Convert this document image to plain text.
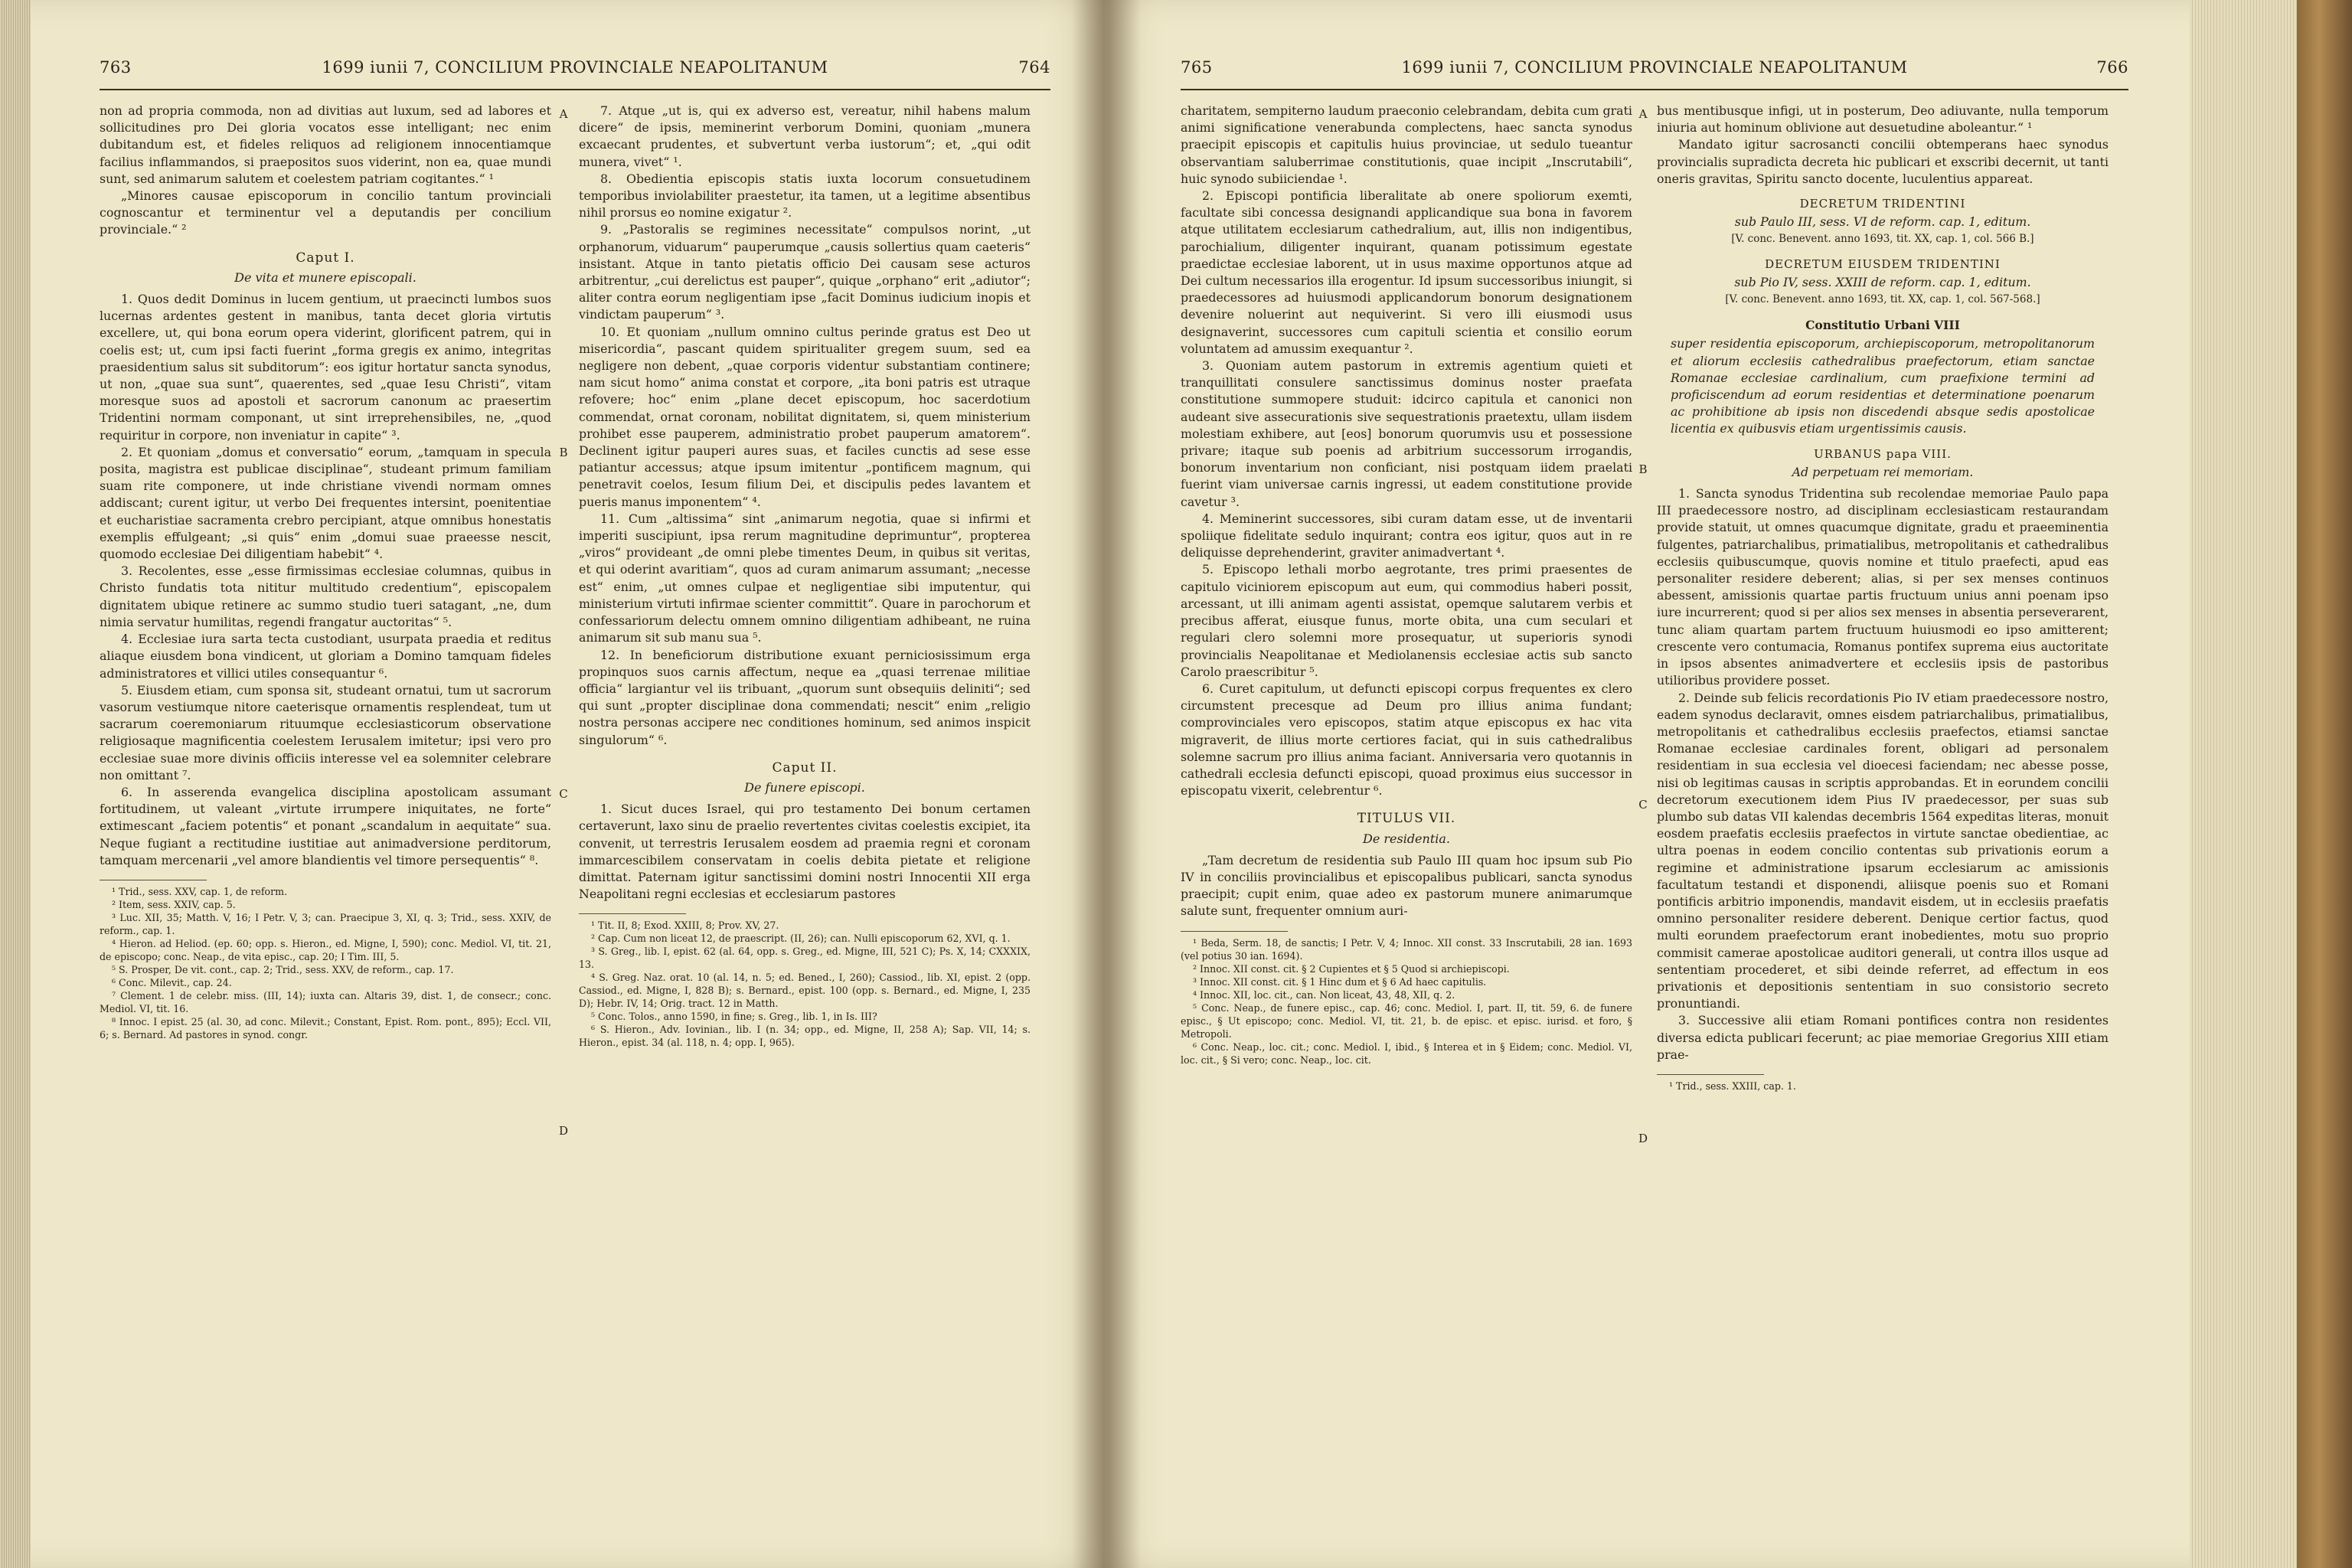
763	1699 iunii 7, CONCILIUM PROVINCIALE NEAPOLITANUM	764

non ad propria commoda, non ad divitias aut luxum, sed ad labores et sollicitudines pro Dei gloria vocatos esse intelligant; nec enim dubitandum est, et fideles reliquos ad religionem innocentiamque facilius inflammandos, si praepositos suos viderint, non ea, quae mundi sunt, sed animarum salutem et coelestem patriam cogitantes.“ ¹

„Minores causae episcoporum in concilio tantum provinciali cognoscantur et terminentur vel a deputandis per concilium provinciale.“ ²

Caput I.
De vita et munere episcopali.

1. Quos dedit Dominus in lucem gentium, ut praecincti lumbos suos lucernas ardentes gestent in manibus, tanta decet gloria virtutis excellere, ut, qui bona eorum opera viderint, glorificent patrem, qui in coelis est; ut, cum ipsi facti fuerint „forma gregis ex animo, integritas praesidentium salus sit subditorum“: eos igitur hortatur sancta synodus, ut non, „quae sua sunt“, quaerentes, sed „quae Iesu Christi“, vitam moresque suos ad apostoli et sacrorum canonum ac praesertim Tridentini normam componant, ut sint irreprehensibiles, ne, „quod requiritur in corpore, non inveniatur in capite“ ³.

2. Et quoniam „domus et conversatio“ eorum, „tamquam in specula posita, magistra est publicae disciplinae“, studeant primum familiam suam rite componere, ut inde christiane vivendi normam omnes addiscant; curent igitur, ut verbo Dei frequentes intersint, poenitentiae et eucharistiae sacramenta crebro percipiant, atque omnibus honestatis exemplis effulgeant; „si quis“ enim „domui suae praeesse nescit, quomodo ecclesiae Dei diligentiam habebit“ ⁴.

3. Recolentes, esse „esse firmissimas ecclesiae columnas, quibus in Christo fundatis tota nititur multitudo credentium“, episcopalem dignitatem ubique retinere ac summo studio tueri satagant, „ne, dum nimia servatur humilitas, regendi frangatur auctoritas“ ⁵.

4. Ecclesiae iura sarta tecta custodiant, usurpata praedia et reditus aliaque eiusdem bona vindicent, ut gloriam a Domino tamquam fideles administratores et villici utiles consequantur ⁶.

5. Eiusdem etiam, cum sponsa sit, studeant ornatui, tum ut sacrorum vasorum vestiumque nitore caeterisque ornamentis resplendeat, tum ut sacrarum coeremoniarum rituumque ecclesiasticorum observatione religiosaque magnificentia coelestem Ierusalem imitetur; ipsi vero pro ecclesiae suae more divinis officiis interesse vel ea solemniter celebrare non omittant ⁷.

6. In asserenda evangelica disciplina apostolicam assumant fortitudinem, ut valeant „virtute irrumpere iniquitates, ne forte“ extimescant „faciem potentis“ et ponant „scandalum in aequitate“ sua. Neque fugiant a rectitudine iustitiae aut animadversione perditorum, tamquam mercenarii „vel amore blandientis vel timore persequentis“ ⁸.

¹ Trid., sess. XXV, cap. 1, de reform.
² Item, sess. XXIV, cap. 5.
³ Luc. XII, 35; Matth. V, 16; I Petr. V, 3; can. Praecipue 3, XI, q. 3; Trid., sess. XXIV, de reform., cap. 1.
⁴ Hieron. ad Heliod. (ep. 60; opp. s. Hieron., ed. Migne, I, 590); conc. Mediol. VI, tit. 21, de episcopo; conc. Neap., de vita episc., cap. 20; I Tim. III, 5.
⁵ S. Prosper, De vit. cont., cap. 2; Trid., sess. XXV, de reform., cap. 17.
⁶ Conc. Milevit., cap. 24.
⁷ Clement. 1 de celebr. miss. (III, 14); iuxta can. Altaris 39, dist. 1, de consecr.; conc. Mediol. VI, tit. 16.
⁸ Innoc. I epist. 25 (al. 30, ad conc. Milevit.; Constant, Epist. Rom. pont., 895); Eccl. VII, 6; s. Bernard. Ad pastores in synod. congr.
A
B
C
D

7. Atque „ut is, qui ex adverso est, vereatur, nihil habens malum dicere“ de ipsis, meminerint verborum Domini, quoniam „munera excaecant prudentes, et subvertunt verba iustorum“; et, „qui odit munera, vivet“ ¹.

8. Obedientia episcopis statis iuxta locorum consuetudinem temporibus inviolabiliter praestetur, ita tamen, ut a legitime absentibus nihil prorsus eo nomine exigatur ².

9. „Pastoralis se regimines necessitate“ compulsos norint, „ut orphanorum, viduarum“ pauperumque „causis sollertius quam caeteris“ insistant. Atque in tanto pietatis officio Dei causam sese acturos arbitrentur, „cui derelictus est pauper“, quique „orphano“ erit „adiutor“; aliter contra eorum negligentiam ipse „facit Dominus iudicium inopis et vindictam pauperum“ ³.

10. Et quoniam „nullum omnino cultus perinde gratus est Deo ut misericordia“, pascant quidem spiritualiter gregem suum, sed ea negligere non debent, „quae corporis videntur substantiam continere; nam sicut homo“ anima constat et corpore, „ita boni patris est utraque refovere; hoc“ enim „plane decet episcopum, hoc sacerdotium commendat, ornat coronam, nobilitat dignitatem, si, quem ministerium prohibet esse pauperem, administratio probet pauperum amatorem“. Declinent igitur pauperi aures suas, et faciles cunctis ad sese esse patiantur accessus; atque ipsum imitentur „pontificem magnum, qui penetravit coelos, Iesum filium Dei, et discipulis pedes lavantem et pueris manus imponentem“ ⁴.

11. Cum „altissima“ sint „animarum negotia, quae si infirmi et imperiti suscipiunt, ipsa rerum magnitudine deprimuntur“, propterea „viros“ provideant „de omni plebe timentes Deum, in quibus sit veritas, et qui oderint avaritiam“, quos ad curam animarum assumant; „necesse est“ enim, „ut omnes culpae et negligentiae sibi imputentur, qui ministerium virtuti infirmae scienter committit“. Quare in parochorum et confessariorum delectu omnem omnino diligentiam adhibeant, ne ruina animarum sit sub manu sua ⁵.

12. In beneficiorum distributione exuant perniciosissimum erga propinquos suos carnis affectum, neque ea „quasi terrenae militiae officia“ largiantur vel iis tribuant, „quorum sunt obsequiis deliniti“; sed qui sunt „propter disciplinae dona commendati; nescit“ enim „religio nostra personas accipere nec conditiones hominum, sed animos inspicit singulorum“ ⁶.

Caput II.
De funere episcopi.

1. Sicut duces Israel, qui pro testamento Dei bonum certamen certaverunt, laxo sinu de praelio revertentes civitas coelestis excipiet, ita convenit, ut terrestris Ierusalem eosdem ad praemia regni et coronam immarcescibilem conservatam in coelis debita pietate et religione dimittat. Paternam igitur sanctissimi domini nostri Innocentii XII erga Neapolitani regni ecclesias et ecclesiarum pastores

¹ Tit. II, 8; Exod. XXIII, 8; Prov. XV, 27.
² Cap. Cum non liceat 12, de praescript. (II, 26); can. Nulli episcoporum 62, XVI, q. 1.
³ S. Greg., lib. I, epist. 62 (al. 64, opp. s. Greg., ed. Migne, III, 521 C); Ps. X, 14; CXXXIX, 13.
⁴ S. Greg. Naz. orat. 10 (al. 14, n. 5; ed. Bened., I, 260); Cassiod., lib. XI, epist. 2 (opp. Cassiod., ed. Migne, I, 828 B); s. Bernard., epist. 100 (opp. s. Bernard., ed. Migne, I, 235 D); Hebr. IV, 14; Orig. tract. 12 in Matth.
⁵ Conc. Tolos., anno 1590, in fine; s. Greg., lib. 1, in Is. III?
⁶ S. Hieron., Adv. Iovinian., lib. I (n. 34; opp., ed. Migne, II, 258 A); Sap. VII, 14; s. Hieron., epist. 34 (al. 118, n. 4; opp. I, 965).
765	1699 iunii 7, CONCILIUM PROVINCIALE NEAPOLITANUM	766

charitatem, sempiterno laudum praeconio celebrandam, debita cum grati animi significatione venerabunda complectens, haec sancta synodus praecipit episcopis et capitulis huius provinciae, ut sedulo tueantur observantiam saluberrimae constitutionis, quae incipit „Inscrutabili“, huic synodo subiiciendae ¹.

2. Episcopi pontificia liberalitate ab onere spoliorum exemti, facultate sibi concessa designandi applicandique sua bona in favorem atque utilitatem ecclesiarum cathedralium, aut, illis non indigentibus, parochialium, diligenter inquirant, quanam potissimum egestate praedictae ecclesiae laborent, ut in usus maxime opportunos atque ad Dei cultum necessarios illa erogentur. Id ipsum successoribus iniungit, si praedecessores ad huiusmodi applicandorum bonorum designationem devenire noluerint aut nequiverint. Si vero illi eiusmodi usus designaverint, successores cum capituli scientia et consilio eorum voluntatem ad amussim exequantur ².

3. Quoniam autem pastorum in extremis agentium quieti et tranquillitati consulere sanctissimus dominus noster praefata constitutione summopere studuit: idcirco capitula et canonici non audeant sive assecurationis sive sequestrationis praetextu, ullam iisdem molestiam exhibere, aut [eos] bonorum quorumvis usu et possessione privare; itaque sub poenis ad arbitrium successorum irrogandis, bonorum inventarium non conficiant, nisi postquam iidem praelati fuerint viam universae carnis ingressi, ut eadem constitutione provide cavetur ³.

4. Meminerint successores, sibi curam datam esse, ut de inventarii spoliique fidelitate sedulo inquirant; contra eos igitur, quos aut in re deliquisse deprehenderint, graviter animadvertant ⁴.

5. Episcopo lethali morbo aegrotante, tres primi praesentes de capitulo viciniorem episcopum aut eum, qui commodius haberi possit, arcessant, ut illi animam agenti assistat, opemque salutarem verbis et precibus afferat, eiusque funus, morte obita, una cum seculari et regulari clero solemni more prosequatur, ut superioris synodi provincialis Neapolitanae et Mediolanensis ecclesiae actis sub sancto Carolo praescribitur ⁵.

6. Curet capitulum, ut defuncti episcopi corpus frequentes ex clero circumstent precesque ad Deum pro illius anima fundant; comprovinciales vero episcopos, statim atque episcopus ex hac vita migraverit, de illius morte certiores faciat, qui in suis cathedralibus solemne sacrum pro illius anima faciant. Anniversaria vero quotannis in cathedrali ecclesia defuncti episcopi, quoad proximus eius successor in episcopatu vixerit, celebrentur ⁶.

TITULUS VII.
De residentia.

„Tam decretum de residentia sub Paulo III quam hoc ipsum sub Pio IV in conciliis provincialibus et episcopalibus publicari, sancta synodus praecipit; cupit enim, quae adeo ex pastorum munere animarumque salute sunt, frequenter omnium auri-

¹ Beda, Serm. 18, de sanctis; I Petr. V, 4; Innoc. XII const. 33 Inscrutabili, 28 ian. 1693 (vel potius 30 ian. 1694).
² Innoc. XII const. cit. § 2 Cupientes et § 5 Quod si archiepiscopi.
³ Innoc. XII const. cit. § 1 Hinc dum et § 6 Ad haec capitulis.
⁴ Innoc. XII, loc. cit., can. Non liceat, 43, 48, XII, q. 2.
⁵ Conc. Neap., de funere episc., cap. 46; conc. Mediol. I, part. II, tit. 59, 6. de funere episc., § Ut episcopo; conc. Mediol. VI, tit. 21, b. de episc. et episc. iurisd. et foro, § Metropoli.
⁶ Conc. Neap., loc. cit.; conc. Mediol. I, ibid., § Interea et in § Eidem; conc. Mediol. VI, loc. cit., § Si vero; conc. Neap., loc. cit.
A
B
C
D

bus mentibusque infigi, ut in posterum, Deo adiuvante, nulla temporum iniuria aut hominum oblivione aut desuetudine aboleantur.“ ¹

Mandato igitur sacrosancti concilii obtemperans haec synodus provincialis supradicta decreta hic publicari et exscribi decernit, ut tanti oneris gravitas, Spiritu sancto docente, luculentius appareat.

DECRETUM TRIDENTINI

sub Paulo III, sess. VI de reform. cap. 1, editum.

[V. conc. Benevent. anno 1693, tit. XX, cap. 1, col. 566 B.]

DECRETUM EIUSDEM TRIDENTINI

sub Pio IV, sess. XXIII de reform. cap. 1, editum.

[V. conc. Benevent. anno 1693, tit. XX, cap. 1, col. 567-568.]

Constitutio Urbani VIII

super residentia episcoporum, archiepiscoporum, metropolitanorum et aliorum ecclesiis cathedralibus praefectorum, etiam sanctae Romanae ecclesiae cardinalium, cum praefixione termini ad proficiscendum ad eorum residentias et determinatione poenarum ac prohibitione ab ipsis non discedendi absque sedis apostolicae licentia ex quibusvis etiam urgentissimis causis.

URBANUS papa VIII.

Ad perpetuam rei memoriam.

1. Sancta synodus Tridentina sub recolendae memoriae Paulo papa III praedecessore nostro, ad disciplinam ecclesiasticam restaurandam provide statuit, ut omnes quacumque dignitate, gradu et praeeminentia fulgentes, patriarchalibus, primatialibus, metropolitanis et cathedralibus ecclesiis quibuscumque, quovis nomine et titulo praefecti, apud eas personaliter residere deberent; alias, si per sex menses continuos abessent, amissionis quartae partis fructuum unius anni poenam ipso iure incurrerent; quod si per alios sex menses in absentia perseverarent, tunc aliam quartam partem fructuum huiusmodi eo ipso amitterent; crescente vero contumacia, Romanus pontifex suprema eius auctoritate in ipsos absentes animadvertere et ecclesiis ipsis de pastoribus utilioribus providere posset.

2. Deinde sub felicis recordationis Pio IV etiam praedecessore nostro, eadem synodus declaravit, omnes eisdem patriarchalibus, primatialibus, metropolitanis et cathedralibus ecclesiis praefectos, etiamsi sanctae Romanae ecclesiae cardinales forent, obligari ad personalem residentiam in sua ecclesia vel dioecesi faciendam; nec abesse posse, nisi ob legitimas causas in scriptis approbandas. Et in eorundem concilii decretorum executionem idem Pius IV praedecessor, per suas sub plumbo sub datas VII kalendas decembris 1564 expeditas literas, monuit eosdem praefatis ecclesiis praefectos in virtute sanctae obedientiae, ac ultra poenas in eodem concilio contentas sub privationis eorum a regimine et administratione ipsarum ecclesiarum ac amissionis facultatum testandi et disponendi, aliisque poenis suo et Romani pontificis arbitrio imponendis, mandavit eisdem, ut in ecclesiis praefatis omnino personaliter residere deberent. Denique certior factus, quod multi eorundem praefectorum erant inobedientes, motu suo proprio commisit camerae apostolicae auditori generali, ut contra illos usque ad sententiam procederet, et sibi deinde referret, ad effectum in eos privationis et depositionis sententiam in suo consistorio secreto pronuntiandi.

3. Successive alii etiam Romani pontifices contra non residentes diversa edicta publicari fecerunt; ac piae memoriae Gregorius XIII etiam prae-

¹ Trid., sess. XXIII, cap. 1.
